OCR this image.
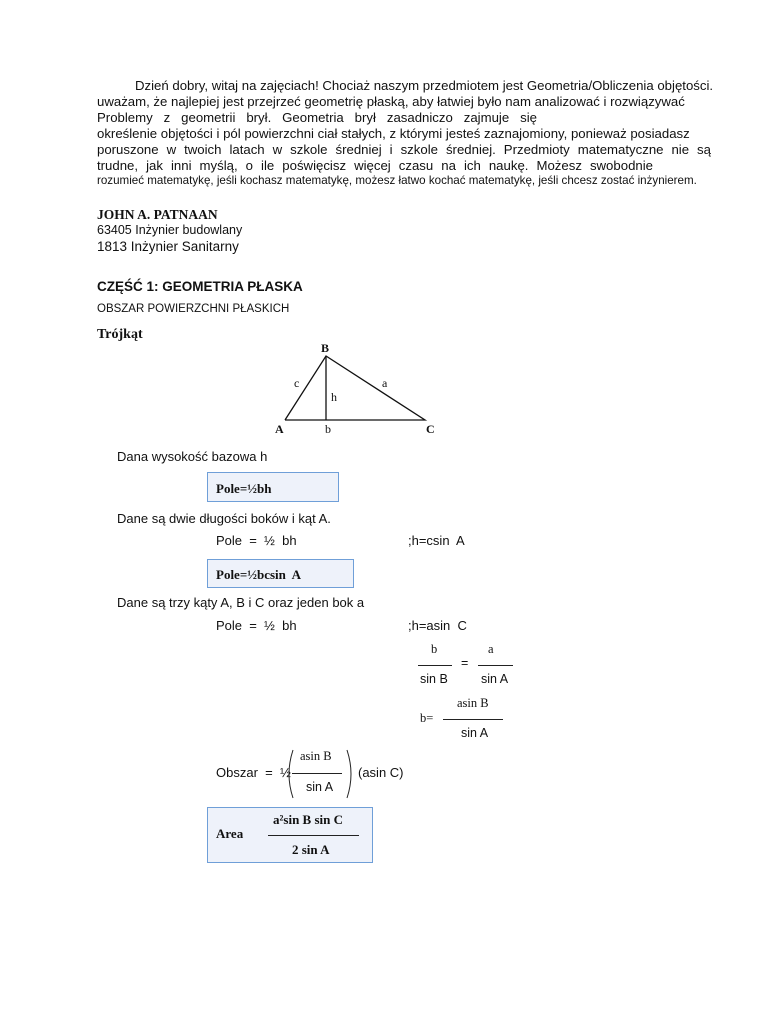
Dzień dobry, witaj na zajęciach! Chociaż naszym przedmiotem jest Geometria/Obliczenia objętości.
uważam, że najlepiej jest przejrzeć geometrię płaską, aby łatwiej było nam analizować i rozwiązywać
Problemy z geometrii brył. Geometria brył zasadniczo zajmuje się
określenie objętości i pól powierzchni ciał stałych, z którymi jesteś zaznajomiony, ponieważ posiadasz
poruszone w twoich latach w szkole średniej i szkole średniej. Przedmioty matematyczne nie są
trudne, jak inni myślą, o ile poświęcisz więcej czasu na ich naukę. Możesz swobodnie
rozumieć matematykę, jeśli kochasz matematykę, możesz łatwo kochać matematykę, jeśli chcesz zostać inżynierem.
JOHN A. PATNAAN
63405 Inżynier budowlany
1813 Inżynier Sanitarny
CZĘŚĆ 1: GEOMETRIA PŁASKA
OBSZAR POWIERZCHNI PŁASKICH
Trójkąt
A
B
C
c	a
h
b
Dana wysokość bazowa h
Pole=½bh
Dane są dwie długości boków i kąt A.
Pole  =  ½  bh	;h=csin  A
Pole=½bcsin  A
Dane są trzy kąty A, B i C oraz jeden bok a
Pole  =  ½  bh	;h=asin  C
b
sin B
=
a
sin A
b=
asin B
sin A
Obszar  =  ½
asin B
sin A
(asin C)
Area
a²sin B sin C
2 sin A
